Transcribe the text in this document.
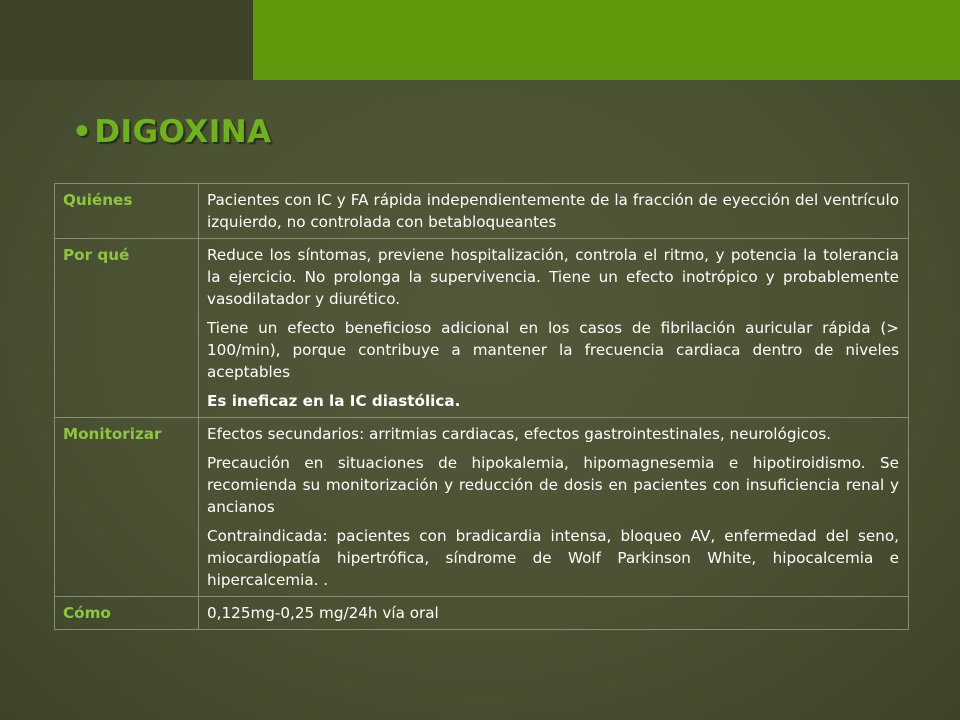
•DIGOXINA
Quiénes	Pacientes con IC y FA rápida independientemente de la fracción de eyección del ventrículo izquierdo, no controlada con betabloqueantes

Por qué	Reduce los síntomas, previene hospitalización, controla el ritmo, y potencia la tolerancia la ejercicio. No prolonga la supervivencia. Tiene un efecto inotrópico y probablemente vasodilatador y diurético.

Tiene un efecto beneficioso adicional en los casos de fibrilación auricular rápida (> 100/min), porque contribuye a mantener la frecuencia cardiaca dentro de niveles aceptables

Es ineficaz en la IC diastólica.

Monitorizar	Efectos secundarios: arritmias cardiacas, efectos gastrointestinales, neurológicos.

Precaución en situaciones de hipokalemia, hipomagnesemia e hipotiroidismo. Se recomienda su monitorización y reducción de dosis en pacientes con insuficiencia renal y ancianos

Contraindicada: pacientes con bradicardia intensa, bloqueo AV, enfermedad del seno, miocardiopatía hipertrófica, síndrome de Wolf Parkinson White, hipocalcemia e hipercalcemia. .

Cómo	0,125mg-0,25 mg/24h vía oral
